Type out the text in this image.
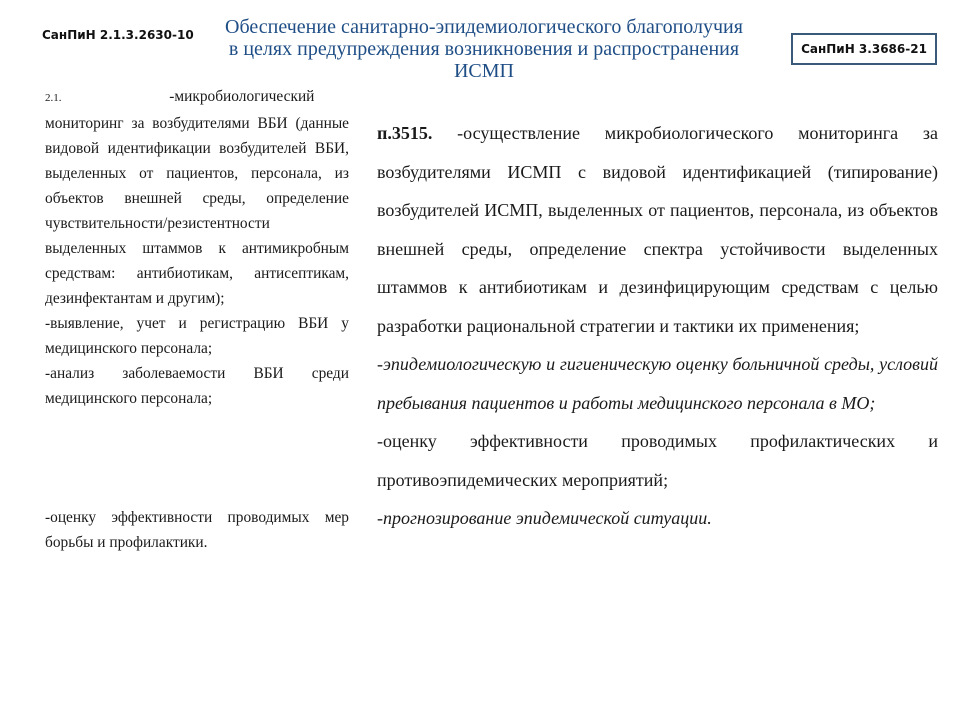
СанПиН 2.1.3.2630-10	Обеспечение санитарно-эпидемиологического благополучия
в целях предупреждения возникновения и распространения
ИСМП
СанПиН 3.3686-21

2.1.       	-микробиологический мониторинг за возбудителями ВБИ (данные видовой идентификации возбудителей ВБИ, выделенных от пациентов, персонала, из объектов внешней среды, определение чувствительности/резистентности выделенных штаммов к антимикробным средствам: антибиотикам, антисептикам, дезинфектантам и другим);

-выявление, учет и регистрацию ВБИ у медицинского персонала;

-анализ заболеваемости ВБИ среди медицинского персонала;

-оценку эффективности проводимых мер борьбы и профилактики.

п.3515. -осуществление микробиологического мониторинга за возбудителями ИСМП с видовой идентификацией (типирование) возбудителей ИСМП, выделенных от пациентов, персонала, из объектов внешней среды, определение спектра устойчивости выделенных штаммов к антибиотикам и дезинфицирующим средствам с целью разработки рациональной стратегии и тактики их применения;

-эпидемиологическую и гигиеническую оценку больничной среды, условий пребывания пациентов и работы медицинского персонала в МО;

-оценку эффективности проводимых профилактических и противоэпидемических мероприятий;

-прогнозирование эпидемической ситуации.
